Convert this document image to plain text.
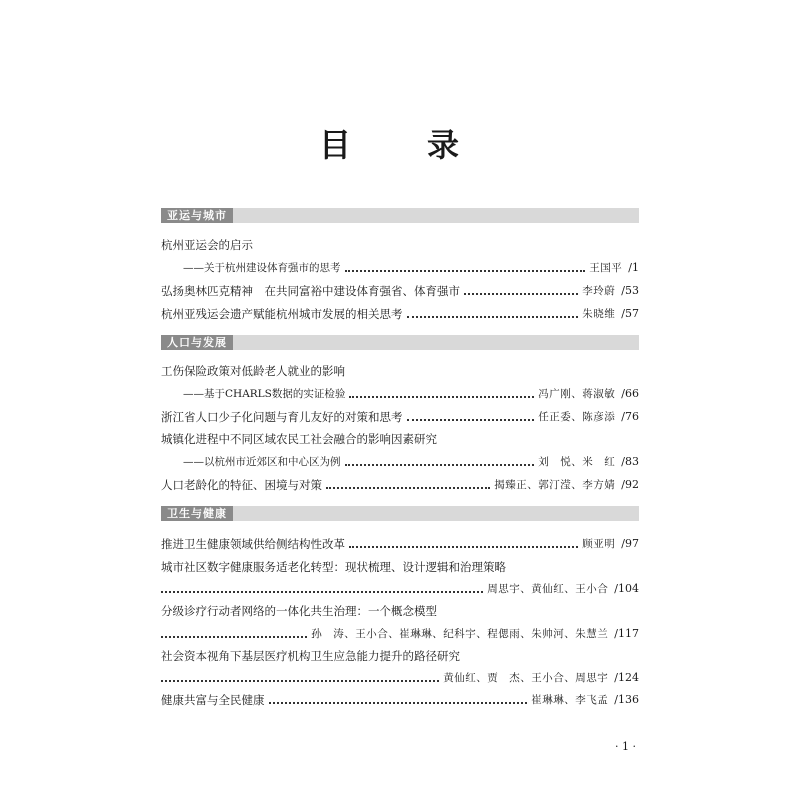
目　录
亚运与城市
杭州亚运会的启示
——关于杭州建设体育强市的思考	王国平 /1
弘扬奥林匹克精神　在共同富裕中建设体育强省、体育强市	李玲蔚 /53
杭州亚残运会遗产赋能杭州城市发展的相关思考	朱晓维 /57
人口与发展
工伤保险政策对低龄老人就业的影响
——基于CHARLS数据的实证检验	冯广刚、蒋淑敏 /66
浙江省人口少子化问题与育儿友好的对策和思考	任正委、陈彦添 /76
城镇化进程中不同区域农民工社会融合的影响因素研究
——以杭州市近郊区和中心区为例	刘　悦、米　红 /83
人口老龄化的特征、困境与对策	揭臻正、郭汀滢、李方婧 /92
卫生与健康
推进卫生健康领域供给侧结构性改革	顾亚明 /97
城市社区数字健康服务适老化转型：现状梳理、设计逻辑和治理策略
周思宇、黄仙红、王小合 /104
分级诊疗行动者网络的一体化共生治理：一个概念模型
孙　涛、王小合、崔琳琳、纪科宇、程偲雨、朱帅河、朱慧兰 /117
社会资本视角下基层医疗机构卫生应急能力提升的路径研究
黄仙红、贾　杰、王小合、周思宇 /124
健康共富与全民健康	崔琳琳、李飞孟 /136
· 1 ·
